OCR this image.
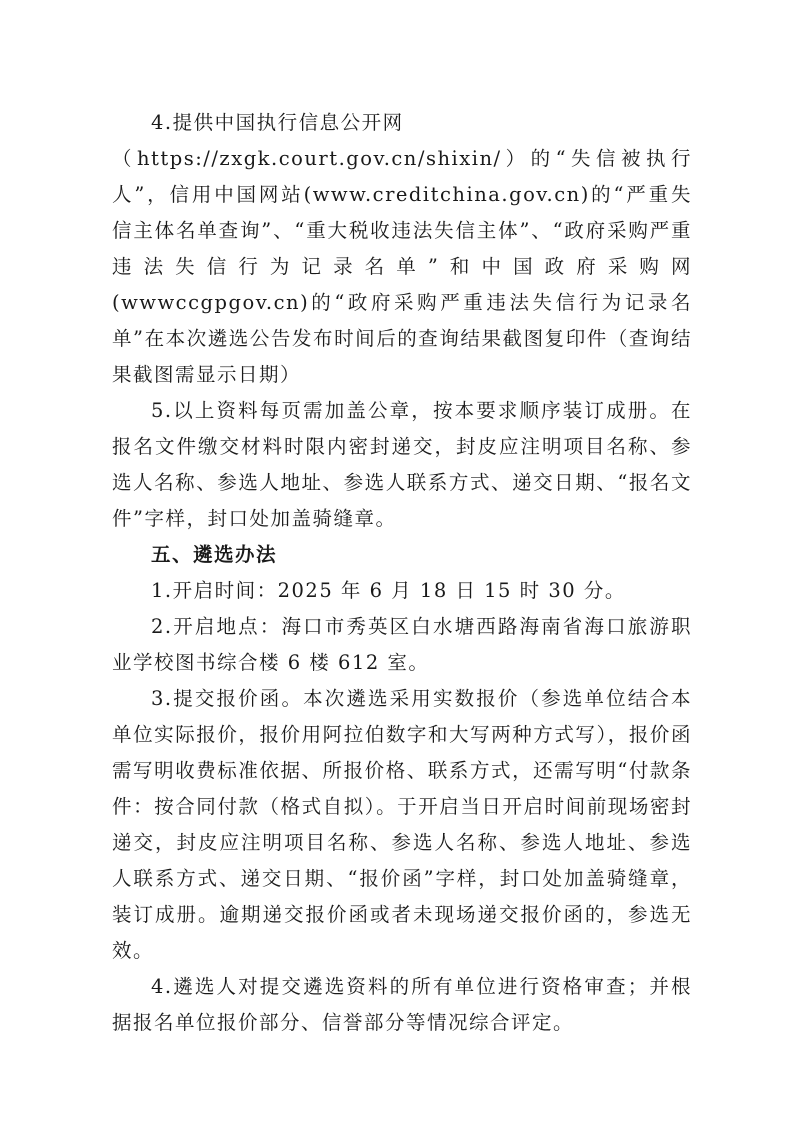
4.提供中国执行信息公开网

（https://zxgk.court.gov.cn/shixin/）的“失信被执行人”，信用中国网站(www.creditchina.gov.cn)的“严重失信主体名单查询”、“重大税收违法失信主体”、“政府采购严重违法失信行为记录名单”和中国政府采购网(wwwccgpgov.cn)的“政府采购严重违法失信行为记录名单”在本次遴选公告发布时间后的查询结果截图复印件（查询结果截图需显示日期）

5.以上资料每页需加盖公章，按本要求顺序装订成册。在报名文件缴交材料时限内密封递交，封皮应注明项目名称、参选人名称、参选人地址、参选人联系方式、递交日期、“报名文件”字样，封口处加盖骑缝章。

五、遴选办法

1.开启时间：2025 年 6 月 18 日 15 时 30 分。

2.开启地点：海口市秀英区白水塘西路海南省海口旅游职业学校图书综合楼 6 楼 612 室。

3.提交报价函。本次遴选采用实数报价（参选单位结合本单位实际报价，报价用阿拉伯数字和大写两种方式写），报价函需写明收费标准依据、所报价格、联系方式，还需写明“付款条件：按合同付款（格式自拟）。于开启当日开启时间前现场密封递交，封皮应注明项目名称、参选人名称、参选人地址、参选人联系方式、递交日期、“报价函”字样，封口处加盖骑缝章，装订成册。逾期递交报价函或者未现场递交报价函的，参选无效。

4.遴选人对提交遴选资料的所有单位进行资格审查；并根据报名单位报价部分、信誉部分等情况综合评定。
